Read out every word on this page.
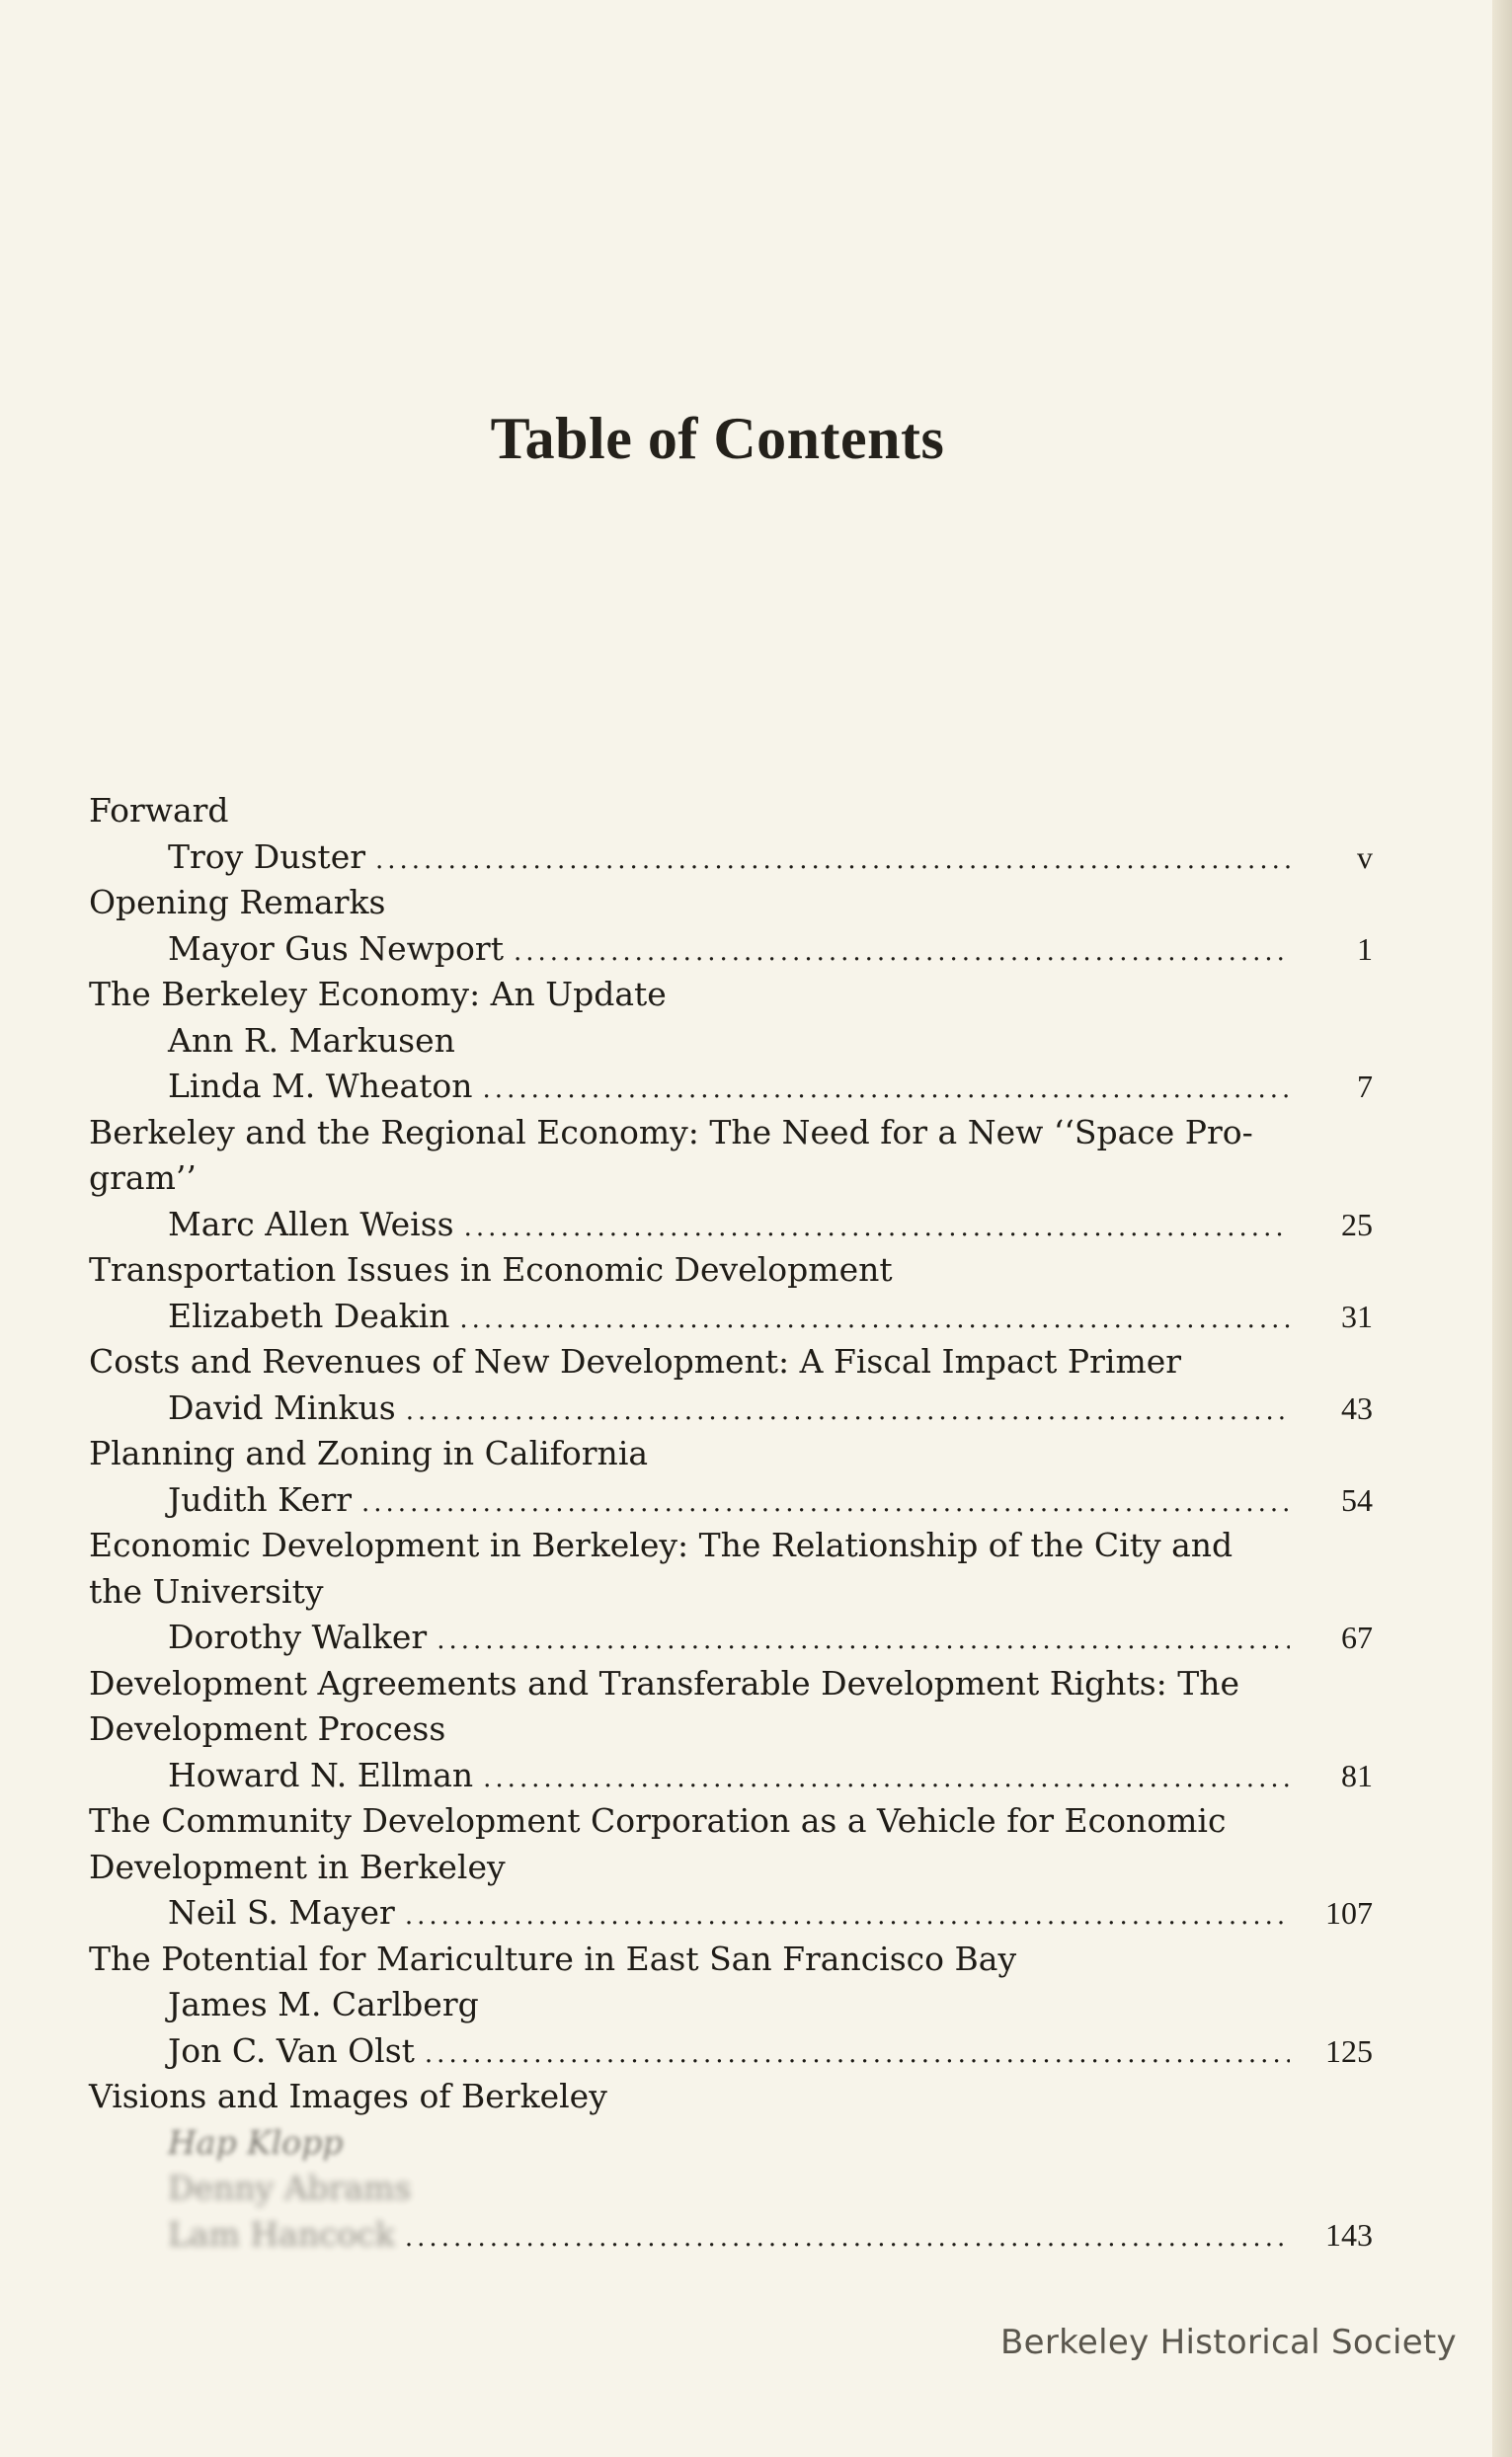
Table of Contents
Forward
Troy Duster .....	v
Opening Remarks
Mayor Gus Newport .....	1
The Berkeley Economy: An Update
Ann R. Markusen
Linda M. Wheaton .....	7
Berkeley and the Regional Economy: The Need for a New ‘‘Space Pro-
gram’’
Marc Allen Weiss .....	25
Transportation Issues in Economic Development
Elizabeth Deakin .....	31
Costs and Revenues of New Development: A Fiscal Impact Primer
David Minkus .....	43
Planning and Zoning in California
Judith Kerr .....	54
Economic Development in Berkeley: The Relationship of the City and
the University
Dorothy Walker .....	67
Development Agreements and Transferable Development Rights: The
Development Process
Howard N. Ellman .....	81
The Community Development Corporation as a Vehicle for Economic
Development in Berkeley
Neil S. Mayer .....	107
The Potential for Mariculture in East San Francisco Bay
James M. Carlberg
Jon C. Van Olst .....	125
Visions and Images of Berkeley
Hap Klopp
Denny Abrams
Lam Hancock .....	143
Berkeley Historical Society
